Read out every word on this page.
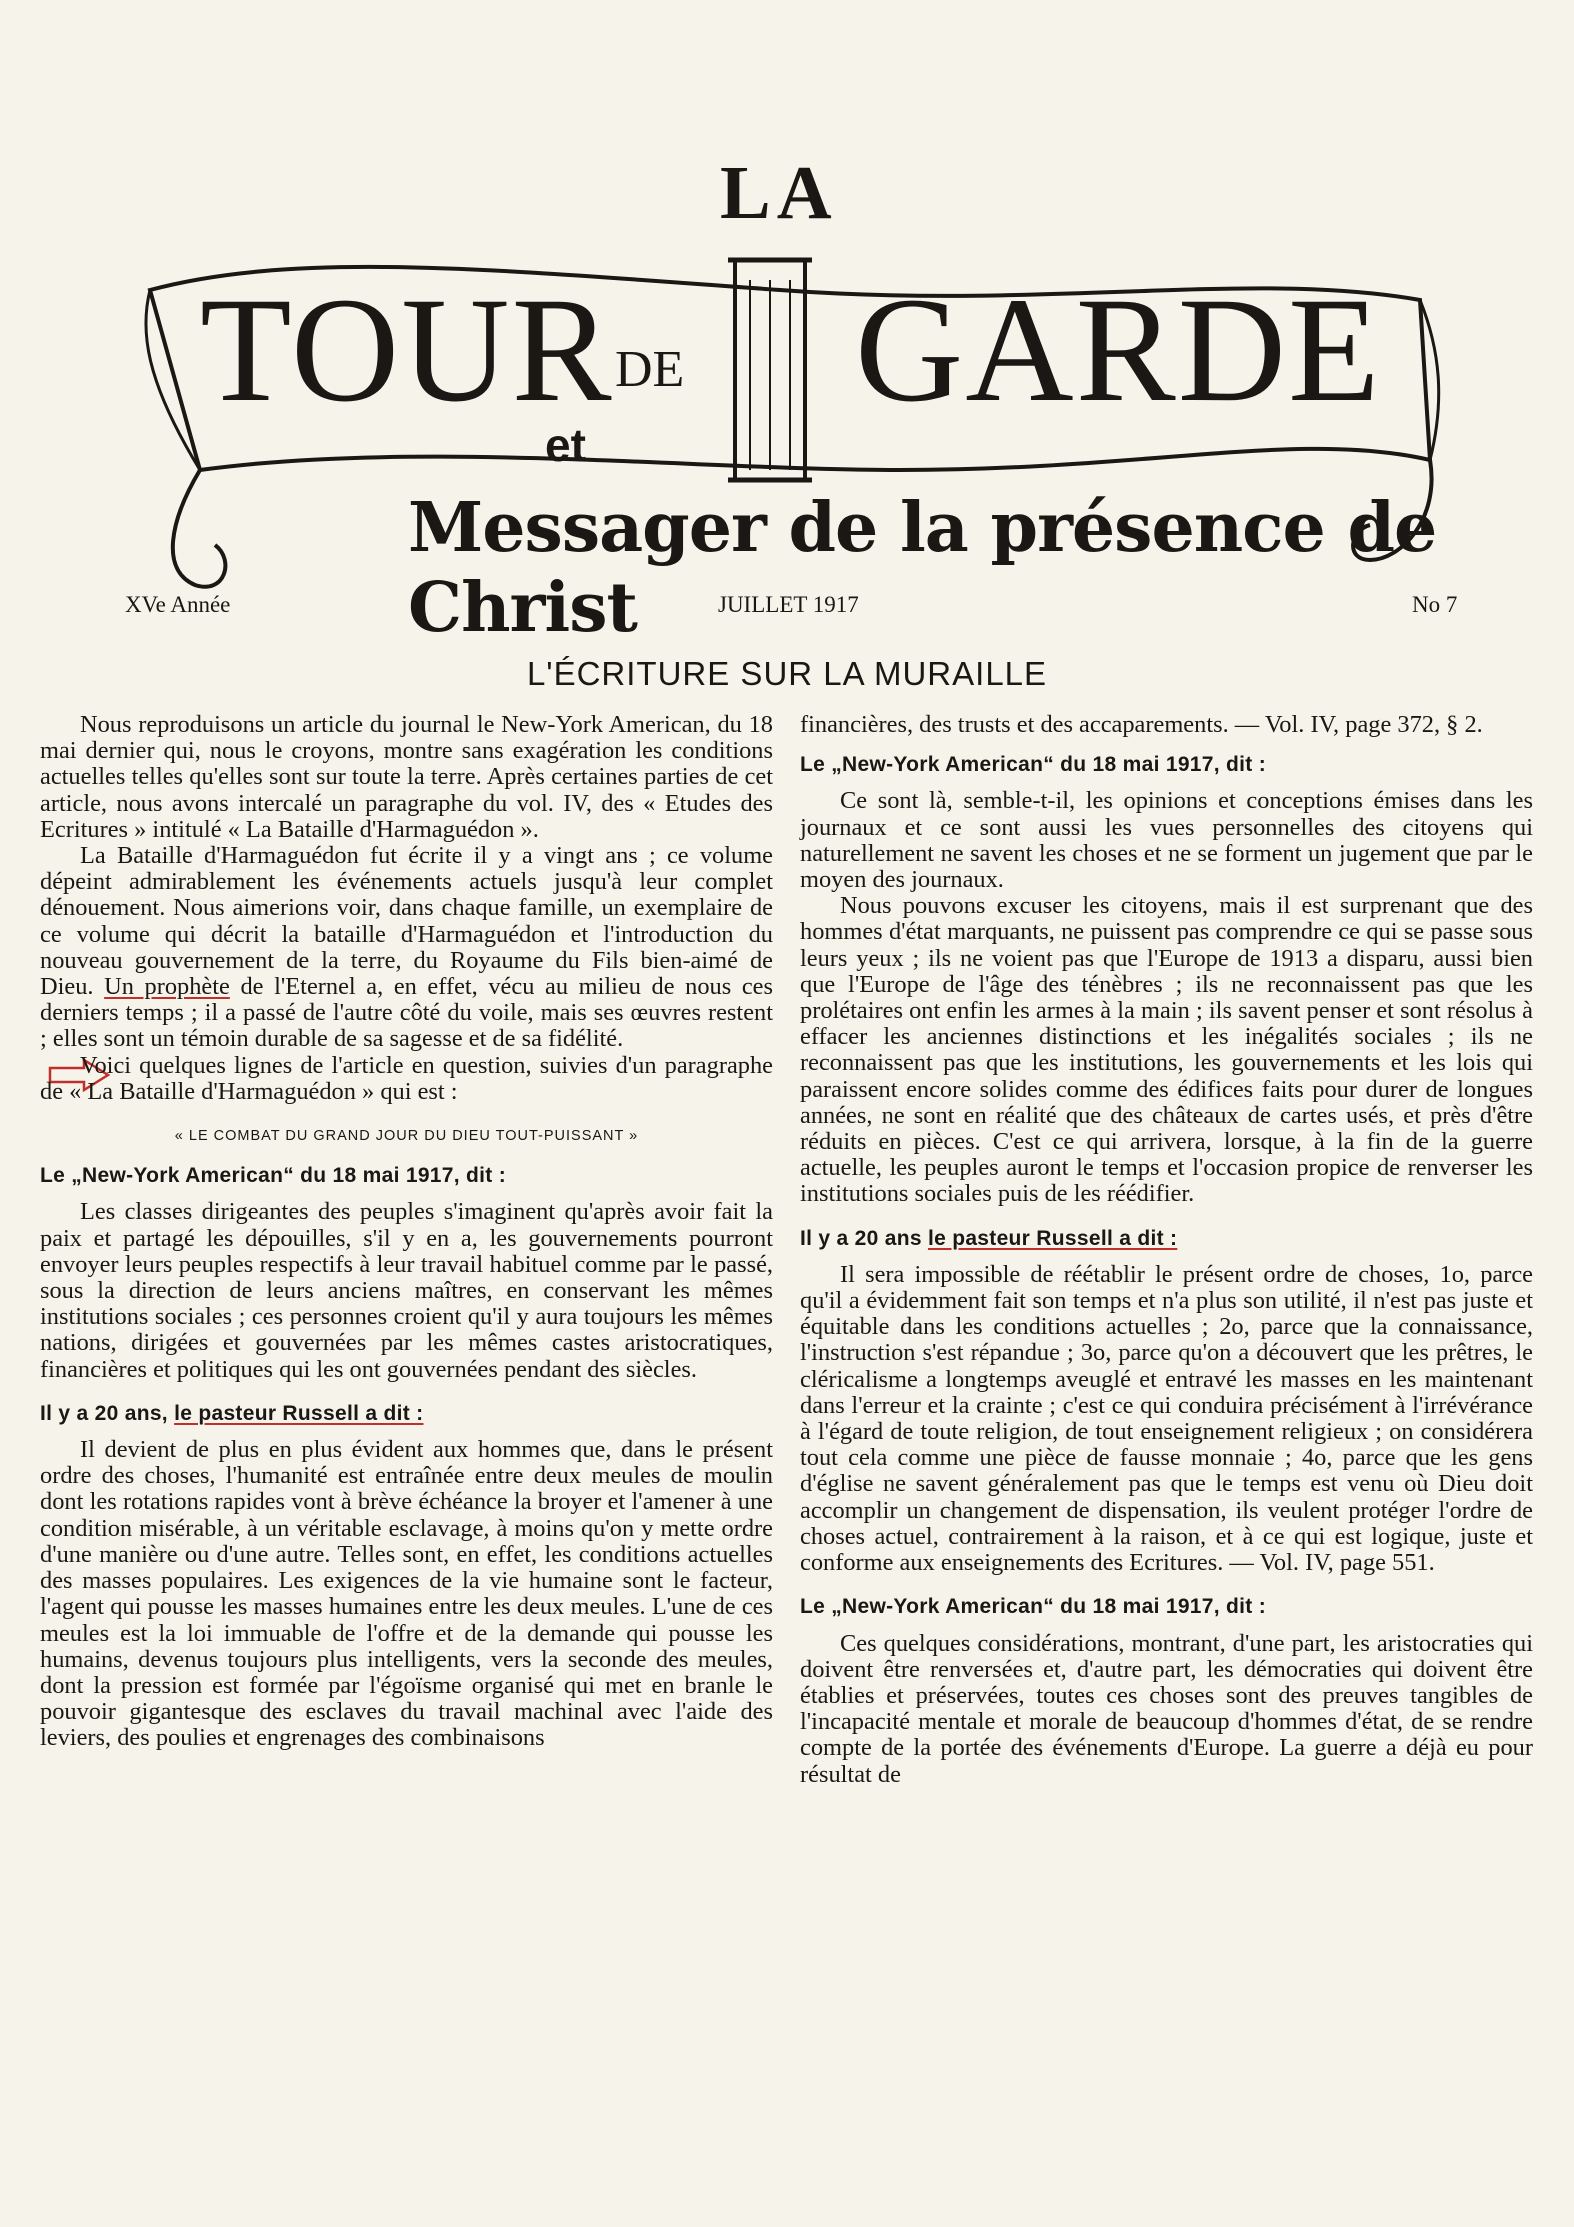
LA
TOUR DE
et
GARDE
Messager de la présence de Christ
XVe Année	JUILLET 1917	No 7
L'ÉCRITURE SUR LA MURAILLE

Nous reproduisons un article du journal le New-York American, du 18 mai dernier qui, nous le croyons, montre sans exagération les conditions actuelles telles qu'elles sont sur toute la terre. Après certaines parties de cet article, nous avons intercalé un paragraphe du vol. IV, des « Etudes des Ecritures » intitulé « La Bataille d'Harmaguédon ».

La Bataille d'Harmaguédon fut écrite il y a vingt ans ; ce volume dépeint admirablement les événements actuels jusqu'à leur complet dénouement. Nous aimerions voir, dans chaque famille, un exemplaire de ce volume qui décrit la bataille d'Harmaguédon et l'introduction du nouveau gouvernement de la terre, du Royaume du Fils bien-aimé de Dieu. Un prophète de l'Eternel a, en effet, vécu au milieu de nous ces derniers temps ; il a passé de l'autre côté du voile, mais ses œuvres restent ; elles sont un témoin durable de sa sagesse et de sa fidélité.

Voici quelques lignes de l'article en question, suivies d'un paragraphe de « La Bataille d'Harmaguédon » qui est :

« LE COMBAT DU GRAND JOUR DU DIEU TOUT-PUISSANT »
Le „New-York American“ du 18 mai 1917, dit :

Les classes dirigeantes des peuples s'imaginent qu'après avoir fait la paix et partagé les dépouilles, s'il y en a, les gouvernements pourront envoyer leurs peuples respectifs à leur travail habituel comme par le passé, sous la direction de leurs anciens maîtres, en conservant les mêmes institutions sociales ; ces personnes croient qu'il y aura toujours les mêmes nations, dirigées et gouvernées par les mêmes castes aristocratiques, financières et politiques qui les ont gouvernées pendant des siècles.

Il y a 20 ans, le pasteur Russell a dit :

Il devient de plus en plus évident aux hommes que, dans le présent ordre des choses, l'humanité est entraînée entre deux meules de moulin dont les rotations rapides vont à brève échéance la broyer et l'amener à une condition misérable, à un véritable esclavage, à moins qu'on y mette ordre d'une manière ou d'une autre. Telles sont, en effet, les conditions actuelles des masses populaires. Les exigences de la vie humaine sont le facteur, l'agent qui pousse les masses humaines entre les deux meules. L'une de ces meules est la loi immuable de l'offre et de la demande qui pousse les humains, devenus toujours plus intelligents, vers la seconde des meules, dont la pression est formée par l'égoïsme organisé qui met en branle le pouvoir gigantesque des esclaves du travail machinal avec l'aide des leviers, des poulies et engrenages des combinaisons

financières, des trusts et des accaparements. — Vol. IV, page 372, § 2.

Le „New-York American“ du 18 mai 1917, dit :

Ce sont là, semble-t-il, les opinions et conceptions émises dans les journaux et ce sont aussi les vues personnelles des citoyens qui naturellement ne savent les choses et ne se forment un jugement que par le moyen des journaux.

Nous pouvons excuser les citoyens, mais il est surprenant que des hommes d'état marquants, ne puissent pas comprendre ce qui se passe sous leurs yeux ; ils ne voient pas que l'Europe de 1913 a disparu, aussi bien que l'Europe de l'âge des ténèbres ; ils ne reconnaissent pas que les prolétaires ont enfin les armes à la main ; ils savent penser et sont résolus à effacer les anciennes distinctions et les inégalités sociales ; ils ne reconnaissent pas que les institutions, les gouvernements et les lois qui paraissent encore solides comme des édifices faits pour durer de longues années, ne sont en réalité que des châteaux de cartes usés, et près d'être réduits en pièces. C'est ce qui arrivera, lorsque, à la fin de la guerre actuelle, les peuples auront le temps et l'occasion propice de renverser les institutions sociales puis de les réédifier.

Il y a 20 ans le pasteur Russell a dit :

Il sera impossible de réétablir le présent ordre de choses, 1o, parce qu'il a évidemment fait son temps et n'a plus son utilité, il n'est pas juste et équitable dans les conditions actuelles ; 2o, parce que la connaissance, l'instruction s'est répandue ; 3o, parce qu'on a découvert que les prêtres, le cléricalisme a longtemps aveuglé et entravé les masses en les maintenant dans l'erreur et la crainte ; c'est ce qui conduira précisément à l'irrévérance à l'égard de toute religion, de tout enseignement religieux ; on considérera tout cela comme une pièce de fausse monnaie ; 4o, parce que les gens d'église ne savent généralement pas que le temps est venu où Dieu doit accomplir un changement de dispensation, ils veulent protéger l'ordre de choses actuel, contrairement à la raison, et à ce qui est logique, juste et conforme aux enseignements des Ecritures. — Vol. IV, page 551.

Le „New-York American“ du 18 mai 1917, dit :

Ces quelques considérations, montrant, d'une part, les aristocraties qui doivent être renversées et, d'autre part, les démocraties qui doivent être établies et préservées, toutes ces choses sont des preuves tangibles de l'incapacité mentale et morale de beaucoup d'hommes d'état, de se rendre compte de la portée des événements d'Europe. La guerre a déjà eu pour résultat de
